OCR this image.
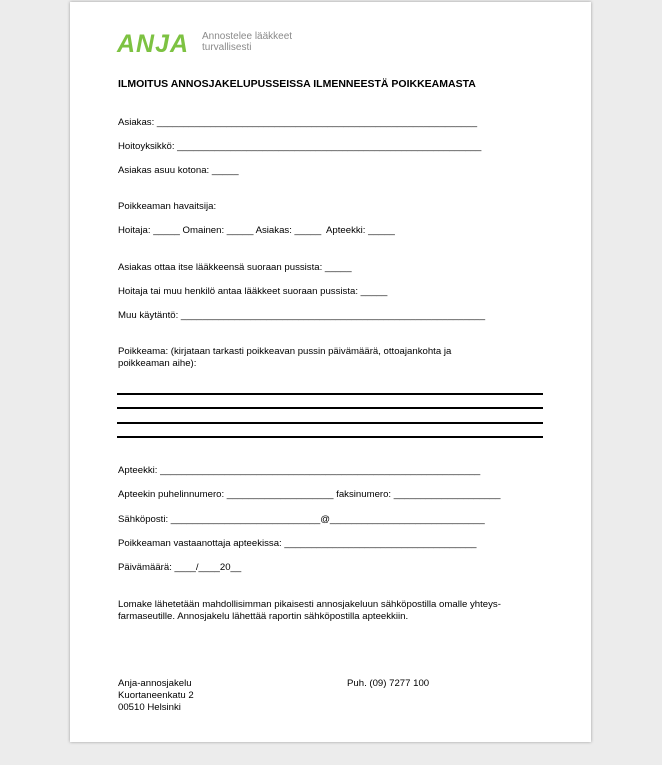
ANJA Annostelee lääkkeet
turvallisesti
ILMOITUS ANNOSJAKELUPUSSEISSA ILMENNEESTÄ POIKKEAMASTA
Asiakas: ____________________________________________________________
Hoitoyksikkö: _________________________________________________________
Asiakas asuu kotona: _____
Poikkeaman havaitsija:
Hoitaja: _____ Omainen: _____ Asiakas: _____  Apteekki: _____
Asiakas ottaa itse lääkkeensä suoraan pussista: _____
Hoitaja tai muu henkilö antaa lääkkeet suoraan pussista: _____
Muu käytäntö: _________________________________________________________
Poikkeama: (kirjataan tarkasti poikkeavan pussin päivämäärä, ottoajankohta ja
poikkeaman aihe):
Apteekki: ____________________________________________________________
Apteekin puhelinnumero: ____________________ faksinumero: ____________________
Sähköposti: ____________________________@_____________________________
Poikkeaman vastaanottaja apteekissa: ____________________________________
Päivämäärä: ____/____20__
Lomake lähetetään mahdollisimman pikaisesti annosjakeluun sähköpostilla omalle yhteys-
farmaseutille. Annosjakelu lähettää raportin sähköpostilla apteekkiin.
Anja-annosjakelu
Kuortaneenkatu 2
00510 Helsinki
Puh. (09) 7277 100
